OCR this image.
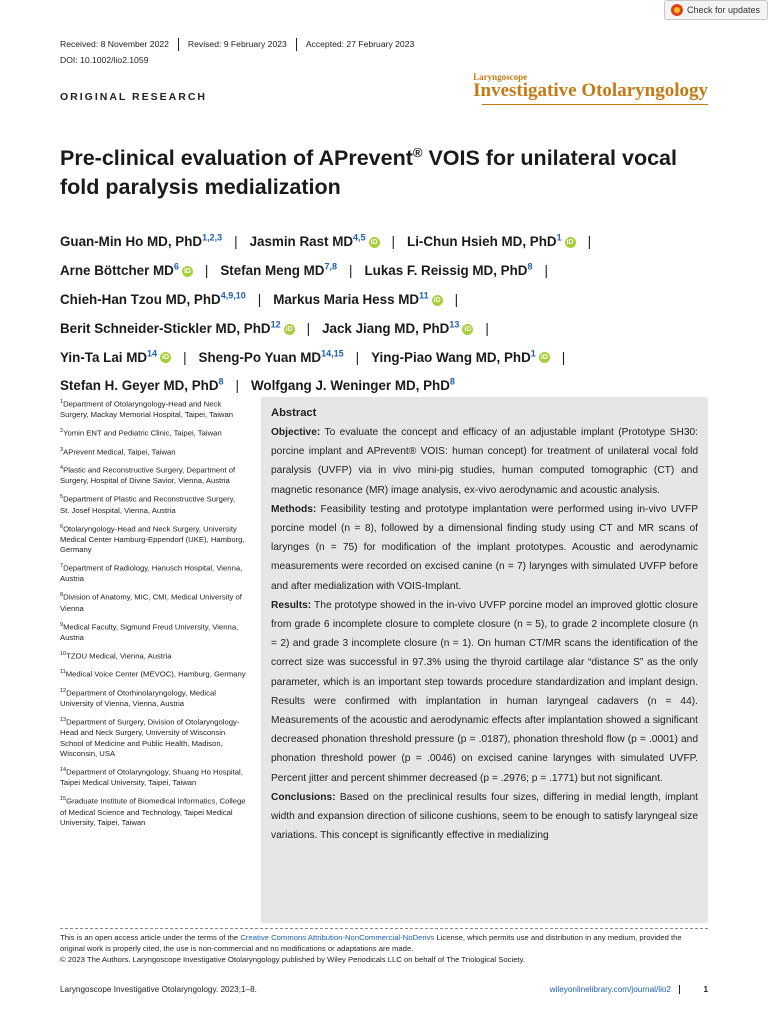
Check for updates
Received: 8 November 2022	Revised: 9 February 2023	Accepted: 27 February 2023
DOI: 10.1002/lio2.1059
Laryngoscope
Investigative Otolaryngology
ORIGINAL RESEARCH
Pre-clinical evaluation of APrevent® VOIS for unilateral vocal fold paralysis medialization
Guan-Min Ho MD, PhD$^{1,2,3}$ | Jasmin Rast MD$^{4,5}$ iD | Li-Chun Hsieh MD, PhD$^1$ iD |
Arne Böttcher $MD^6$ iD | Stefan Meng MD$^{7,8}$ | Lukas F. Reissig MD, PhD$^8$ |
Chieh-Han Tzou MD, PhD$^{4,9,10}$ | Markus Maria Hess MD$^{11}$ iD |
Berit Schneider-Stickler MD, PhD$^{12}$ iD | Jack Jiang MD, PhD$^{13}$ iD |
Yin-Ta Lai MD$^{14}$ iD | Sheng-Po Yuan MD$^{14,15}$ | Ying-Piao Wang MD, PhD$^1$ iD |
Stefan H. Geyer MD, PhD$^8$ | Wolfgang J. Weninger MD, PhD$^8$
$^1$Department of Otolaryngology-Head and Neck Surgery, Mackay Memorial Hospital, Taipei, Taiwan
$^2$Yomin ENT and Pediatric Clinic, Taipei, Taiwan
$^3$APrevent Medical, Taipei, Taiwan
$^4$Plastic and Reconstructive Surgery, Department of Surgery, Hospital of Divine Savior, Vienna, Austria
$^5$Department of Plastic and Reconstructive Surgery, St. Josef Hospital, Vienna, Austria
$^6$Otolaryngology-Head and Neck Surgery, University Medical Center Hamburg-Eppendorf (UKE), Hamburg, Germany
$^7$Department of Radiology, Hanusch Hospital, Vienna, Austria
$^8$Division of Anatomy, MIC, CMI, Medical University of Vienna
$^9$Medical Faculty, Sigmund Freud University, Vienna, Austria
$^{10}$TZOU Medical, Vienna, Austria
$^{11}$Medical Voice Center (MEVOC), Hamburg, Germany
$^{12}$Department of Otorhinolaryngology, Medical University of Vienna, Vienna, Austria
$^{13}$Department of Surgery, Division of Otolaryngology-Head and Neck Surgery, University of Wisconsin School of Medicine and Public Health, Madison, Wisconsin, USA
$^{14}$Department of Otolaryngology, Shuang Ho Hospital, Taipei Medical University, Taipei, Taiwan
$^{15}$Graduate Institute of Biomedical Informatics, College of Medical Science and Technology, Taipei Medical University, Taipei, Taiwan
Abstract

Objective: To evaluate the concept and efficacy of an adjustable implant (Prototype SH30: porcine implant and APrevent® VOIS: human concept) for treatment of unilateral vocal fold paralysis (UVFP) via in vivo mini-pig studies, human computed tomographic (CT) and magnetic resonance (MR) image analysis, ex-vivo aerodynamic and acoustic analysis.

Methods: Feasibility testing and prototype implantation were performed using in-vivo UVFP porcine model (n = 8), followed by a dimensional finding study using CT and MR scans of larynges (n = 75) for modification of the implant prototypes. Acoustic and aerodynamic measurements were recorded on excised canine (n = 7) larynges with simulated UVFP before and after medialization with VOIS-Implant.

Results: The prototype showed in the in-vivo UVFP porcine model an improved glottic closure from grade 6 incomplete closure to complete closure (n = 5), to grade 2 incomplete closure (n = 2) and grade 3 incomplete closure (n = 1). On human CT/MR scans the identification of the correct size was successful in 97.3% using the thyroid cartilage alar “distance S” as the only parameter, which is an important step towards procedure standardization and implant design. Results were confirmed with implantation in human laryngeal cadavers (n = 44). Measurements of the acoustic and aerodynamic effects after implantation showed a significant decreased phonation threshold pressure (p = .0187), phonation threshold flow (p = .0001) and phonation threshold power (p = .0046) on excised canine larynges with simulated UVFP. Percent jitter and percent shimmer decreased (p = .2976; p = .1771) but not significant.

Conclusions: Based on the preclinical results four sizes, differing in medial length, implant width and expansion direction of silicone cushions, seem to be enough to satisfy laryngeal size variations. This concept is significantly effective in medializing

This is an open access article under the terms of the Creative Commons Attribution-NonCommercial-NoDerivs License, which permits use and distribution in any medium, provided the original work is properly cited, the use is non-commercial and no modifications or adaptations are made.
© 2023 The Authors. Laryngoscope Investigative Otolaryngology published by Wiley Periodicals LLC on behalf of The Triological Society.
Laryngoscope Investigative Otolaryngology. 2023;1–8.	wileyonlinelibrary.com/journal/lio2	1
